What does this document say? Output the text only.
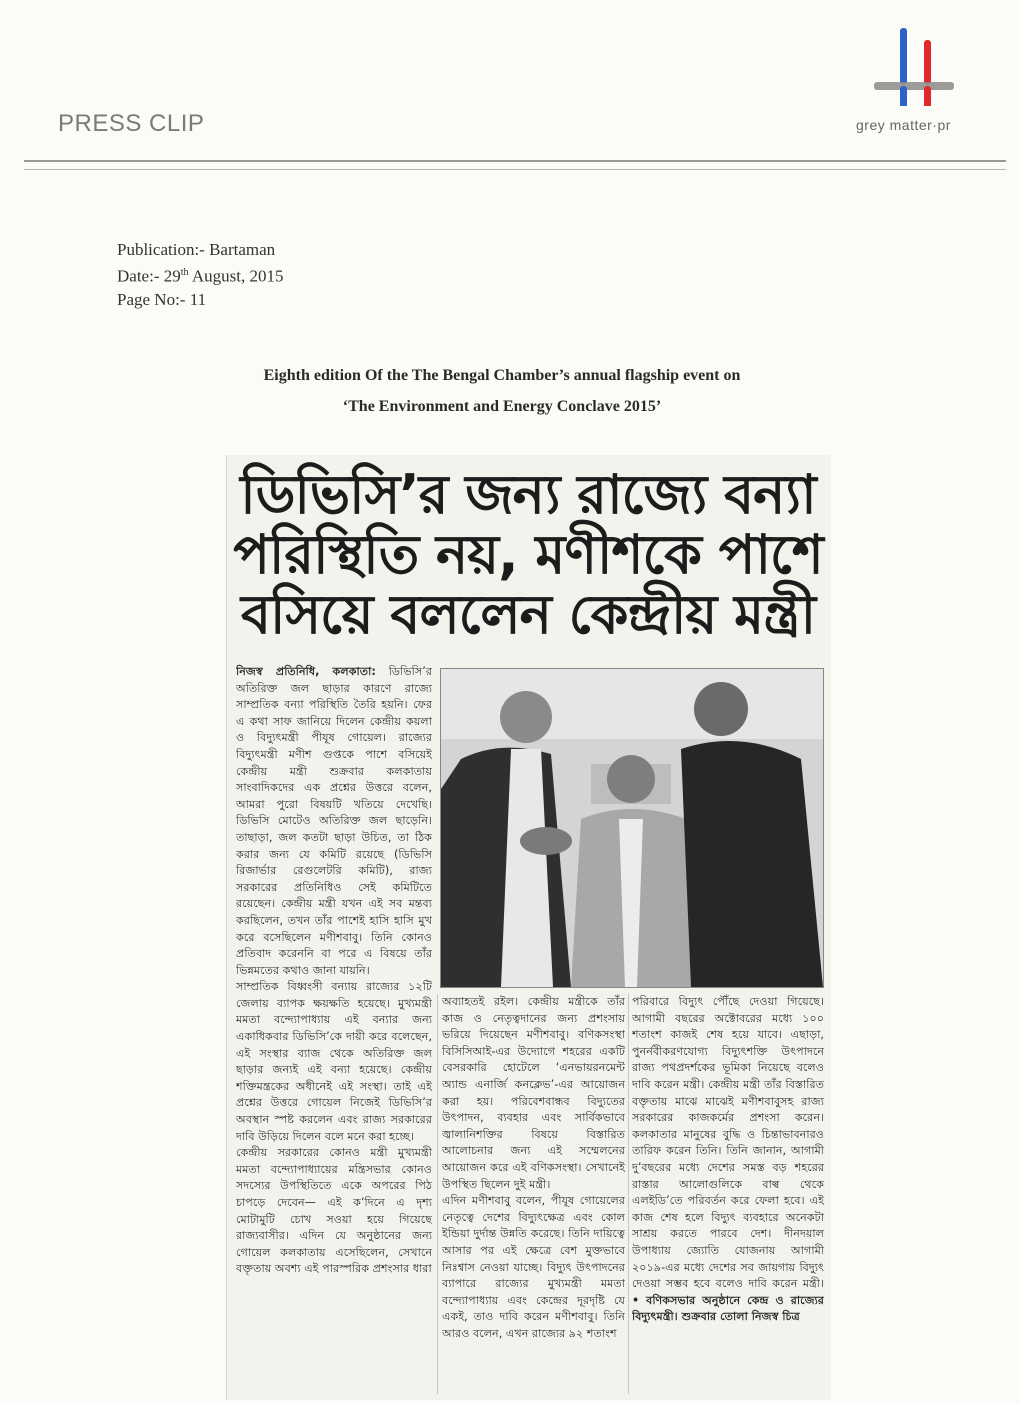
PRESS CLIP	grey matter·pr
Publication:- Bartaman
Date:- 29th August, 2015
Page No:- 11
Eighth edition Of the The Bengal Chamber’s annual flagship event on
‘The Environment and Energy Conclave 2015’
ডিভিসি’র জন্য রাজ্যে বন্যা পরিস্থিতি নয়, মণীশকে পাশে বসিয়ে বললেন কেন্দ্রীয় মন্ত্রী
নিজস্ব প্রতিনিধি, কলকাতা: ডিভিসি’র অতিরিক্ত জল ছাড়ার কারণে রাজ্যে সাম্প্রতিক বন্যা পরিস্থিতি তৈরি হয়নি। ফের এ কথা সাফ জানিয়ে দিলেন কেন্দ্রীয় কয়লা ও বিদ্যুৎমন্ত্রী পীযূষ গোয়েল। রাজ্যের বিদ্যুৎমন্ত্রী মণীশ গুপ্তকে পাশে বসিয়েই কেন্দ্রীয় মন্ত্রী শুক্রবার কলকাতায় সাংবাদিকদের এক প্রশ্নের উত্তরে বলেন, আমরা পুরো বিষয়টি খতিয়ে দেখেছি। ডিভিসি মোটেও অতিরিক্ত জল ছাড়েনি। তাছাড়া, জল কতটা ছাড়া উচিত, তা ঠিক করার জন্য যে কমিটি রয়েছে (ডিভিসি রিজার্ভার রেগুলেটরি কমিটি), রাজ্য সরকারের প্রতিনিধিও সেই কমিটিতে রয়েছেন। কেন্দ্রীয় মন্ত্রী যখন এই সব মন্তব্য করছিলেন, তখন তাঁর পাশেই হাসি হাসি মুখ করে বসেছিলেন মণীশবাবু। তিনি কোনও প্রতিবাদ করেননি বা পরে এ বিষয়ে তাঁর ভিন্নমতের কথাও জানা যায়নি।
সাম্প্রতিক বিধ্বংসী বন্যায় রাজ্যের ১২টি জেলায় ব্যাপক ক্ষয়ক্ষতি হয়েছে। মুখ্যমন্ত্রী মমতা বন্দ্যোপাধ্যায় এই বন্যার জন্য একাধিকবার ডিভিসি’কে দায়ী করে বলেছেন, এই সংস্থার ব্যাজ থেকে অতিরিক্ত জল ছাড়ার জন্যই এই বন্যা হয়েছে। কেন্দ্রীয় শক্তিমন্ত্রকের অধীনেই এই সংস্থা। তাই এই প্রশ্নের উত্তরে গোয়েল নিজেই ডিভিসি’র অবস্থান স্পষ্ট করলেন এবং রাজ্য সরকারের দাবি উড়িয়ে দিলেন বলে মনে করা হচ্ছে।
কেন্দ্রীয় সরকারের কোনও মন্ত্রী মুখ্যমন্ত্রী মমতা বন্দ্যোপাধ্যায়ের মন্ত্রিসভার কোনও সদস্যের উপস্থিতিতে একে অপরের পিঠ চাপড়ে দেবেন— এই ক’দিনে এ দৃশ্য মোটামুটি চোখ সওয়া হয়ে গিয়েছে রাজ্যবাসীর। এদিন যে অনুষ্ঠানের জন্য গোয়েল কলকাতায় এসেছিলেন, সেখানে বক্তৃতায় অবশ্য এই পারস্পরিক প্রশংসার ধারা
অব্যাহতই রইল। কেন্দ্রীয় মন্ত্রীকে তাঁর কাজ ও নেতৃত্বদানের জন্য প্রশংসায় ভরিয়ে দিয়েছেন মণীশবাবু। বণিকসংস্থা বিসিসিআই-এর উদ্যোগে শহরের একটি বেসরকারি হোটেলে ‘এনভায়রনমেন্ট অ্যান্ড এনার্জি কনক্লেভ’-এর আয়োজন করা হয়। পরিবেশবান্ধব বিদ্যুতের উৎপাদন, ব্যবহার এবং সার্বিকভাবে জ্বালানিশক্তির বিষয়ে বিস্তারিত আলোচনার জন্য এই সম্মেলনের আয়োজন করে এই বণিকসংস্থা। সেখানেই উপস্থিত ছিলেন দুই মন্ত্রী।
এদিন মণীশবাবু বলেন, পীযূষ গোয়েলের নেতৃত্বে দেশের বিদ্যুৎক্ষেত্র এবং কোল ইন্ডিয়া দুর্দান্ত উন্নতি করেছে। তিনি দায়িত্বে আসার পর এই ক্ষেত্রে বেশ মুক্তভাবে নিঃশ্বাস নেওয়া যাচ্ছে। বিদ্যুৎ উৎপাদনের ব্যাপারে রাজ্যের মুখ্যমন্ত্রী মমতা বন্দ্যোপাধ্যায় এবং কেন্দ্রের দূরদৃষ্টি যে একই, তাও দাবি করেন মণীশবাবু। তিনি আরও বলেন, এখন রাজ্যের ৯২ শতাংশ
পরিবারে বিদ্যুৎ পৌঁছে দেওয়া গিয়েছে। আগামী বছরের অক্টোবরের মধ্যে ১০০ শতাংশ কাজই শেষ হয়ে যাবে। এছাড়া, পুনর্নবীকরণযোগ্য বিদ্যুৎশক্তি উৎপাদনে রাজ্য পথপ্রদর্শকের ভূমিকা নিয়েছে বলেও দাবি করেন মন্ত্রী। কেন্দ্রীয় মন্ত্রী তাঁর বিস্তারিত বক্তৃতায় মাঝে মাঝেই মণীশবাবুসহ রাজ্য সরকারের কাজকর্মের প্রশংসা করেন। কলকাতার মানুষের বুদ্ধি ও চিন্তাভাবনারও তারিফ করেন তিনি। তিনি জানান, আগামী দু’বছরের মধ্যে দেশের সমস্ত বড় শহরের রাস্তার আলোগুলিকে বাল্ব থেকে এলইডি’তে পরিবর্তন করে ফেলা হবে। এই কাজ শেষ হলে বিদ্যুৎ ব্যবহারে অনেকটা সাশ্রয় করতে পারবে দেশ। দীনদয়াল উপাধ্যায় জ্যোতি যোজনায় আগামী ২০১৯-এর মধ্যে দেশের সব জায়গায় বিদ্যুৎ দেওয়া সম্ভব হবে বলেও দাবি করেন মন্ত্রী। • বণিকসভার অনুষ্ঠানে কেন্দ্র ও রাজ্যের বিদ্যুৎমন্ত্রী। শুক্রবার তোলা নিজস্ব চিত্র
